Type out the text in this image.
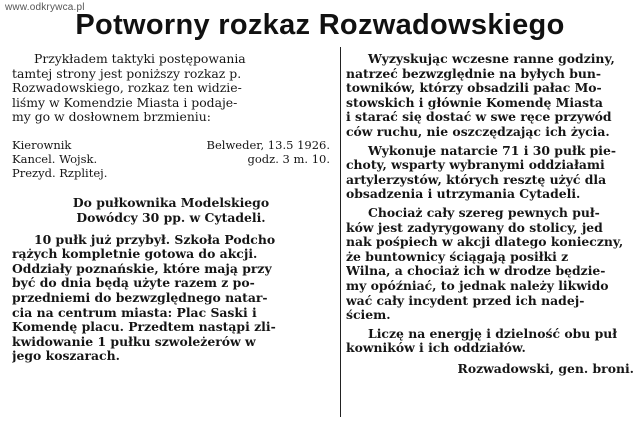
www.odkrywca.pl
Potworny rozkaz Rozwadowskiego
Przykładem taktyki postępowania
tamtej strony jest poniższy rozkaz p.
Rozwadowskiego, rozkaz ten widzie-
liśmy w Komendzie Miasta i podaje-
my go w dosłownem brzmieniu:
Kierownik
Kancel. Wojsk.
Prezyd. Rzplitej.
Belweder, 13.5 1926.
godz. 3 m. 10.
Do pułkownika Modelskiego
Dowódcy 30 pp. w Cytadeli.
10 pułk już przybył. Szkoła Podcho
rążych kompletnie gotowa do akcji.
Oddziały poznańskie, które mają przy
być do dnia będą użyte razem z po-
przedniemi do bezwzględnego natar-
cia na centrum miasta: Plac Saski i
Komendę placu. Przedtem nastąpi zli-
kwidowanie 1 pułku szwoleżerów w
jego koszarach.
Wyzyskując wczesne ranne godziny,
natrzeć bezwzględnie na byłych bun-
towników, którzy obsadzili pałac Mo-
stowskich i głównie Komendę Miasta
i starać się dostać w swe ręce przywód
ców ruchu, nie oszczędzając ich życia.
Wykonuje natarcie 71 i 30 pułk pie-
choty, wsparty wybranymi oddziałami
artylerzystów, których resztę użyć dla
obsadzenia i utrzymania Cytadeli.
Chociaż cały szereg pewnych puł-
ków jest zadyrygowany do stolicy, jed
nak pośpiech w akcji dlatego konieczny,
że buntownicy ściągają posiłki z
Wilna, a chociaż ich w drodze będzie-
my opóźniać, to jednak należy likwido
wać cały incydent przed ich nadej-
ściem.
Liczę na energję i dzielność obu puł
kowników i ich oddziałów.
Rozwadowski, gen. broni.
